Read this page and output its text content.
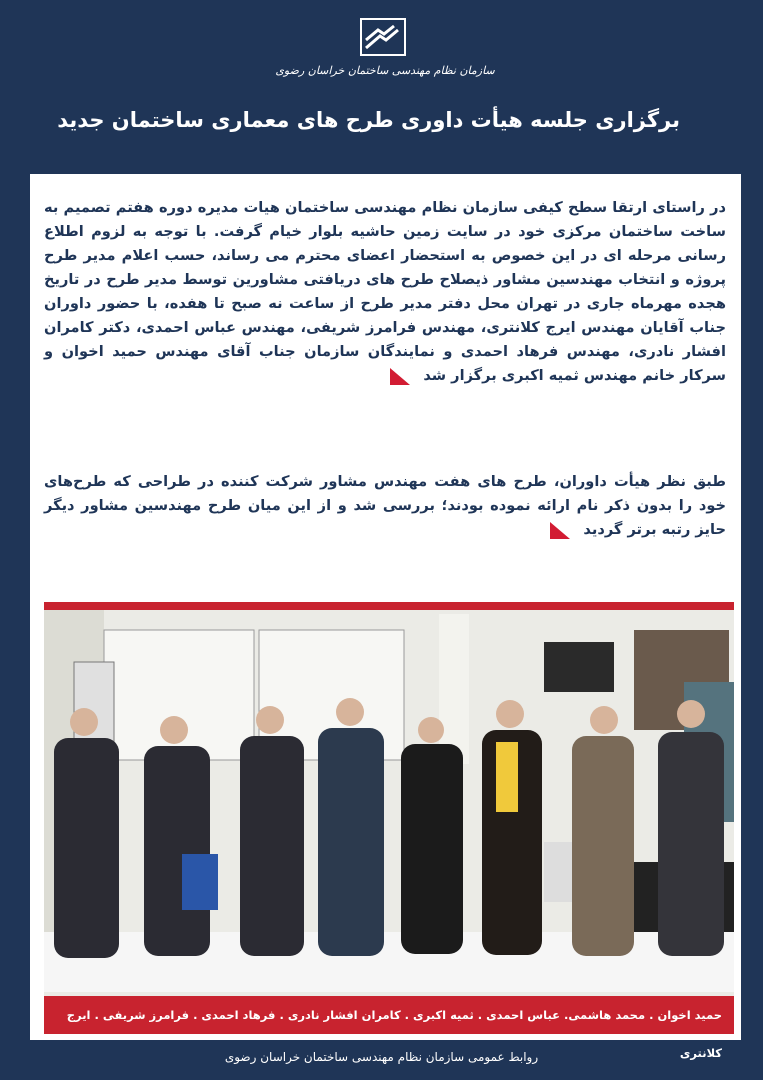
سازمان نظام مهندسی ساختمان خراسان رضوی
برگزاری جلسه هیأت داوری طرح های معماری ساختمان جدید

در راستای ارتقا سطح کیفی سازمان نظام مهندسی ساختمان هیات مدیره دوره هفتم تصمیم به ساخت ساختمان مرکزی خود در سایت زمین حاشیه بلوار خیام گرفت. با توجه به لزوم اطلاع رسانی مرحله ای در این خصوص به استحضار اعضای محترم می رساند، حسب اعلام مدیر طرح پروژه و انتخاب مهندسین مشاور ذیصلاح طرح های دریافتی مشاورین توسط مدیر طرح در تاریخ هجده مهرماه جاری در تهران محل دفتر مدیر طرح از ساعت نه صبح تا هفده، با حضور داوران جناب آقایان مهندس ایرج کلانتری، مهندس فرامرز شریفی، مهندس عباس احمدی، دکتر کامران افشار نادری، مهندس فرهاد احمدی و نمایندگان سازمان جناب آقای مهندس حمید اخوان و سرکار خانم مهندس ثمیه اکبری برگزار شد

طبق نظر هیأت داوران، طرح های هفت مهندس مشاور شرکت کننده در طراحی که طرح‌های خود را بدون ذکر نام ارائه نموده بودند؛ بررسی شد و از این میان طرح مهندسین مشاور دیگر حایز رتبه برتر گردید

حمید اخوان . محمد هاشمی. عباس احمدی . ثمیه اکبری . کامران افشار نادری . فرهاد احمدی . فرامرز شریفی . ایرج کلانتری
روابط عمومی سازمان نظام مهندسی ساختمان خراسان رضوی
